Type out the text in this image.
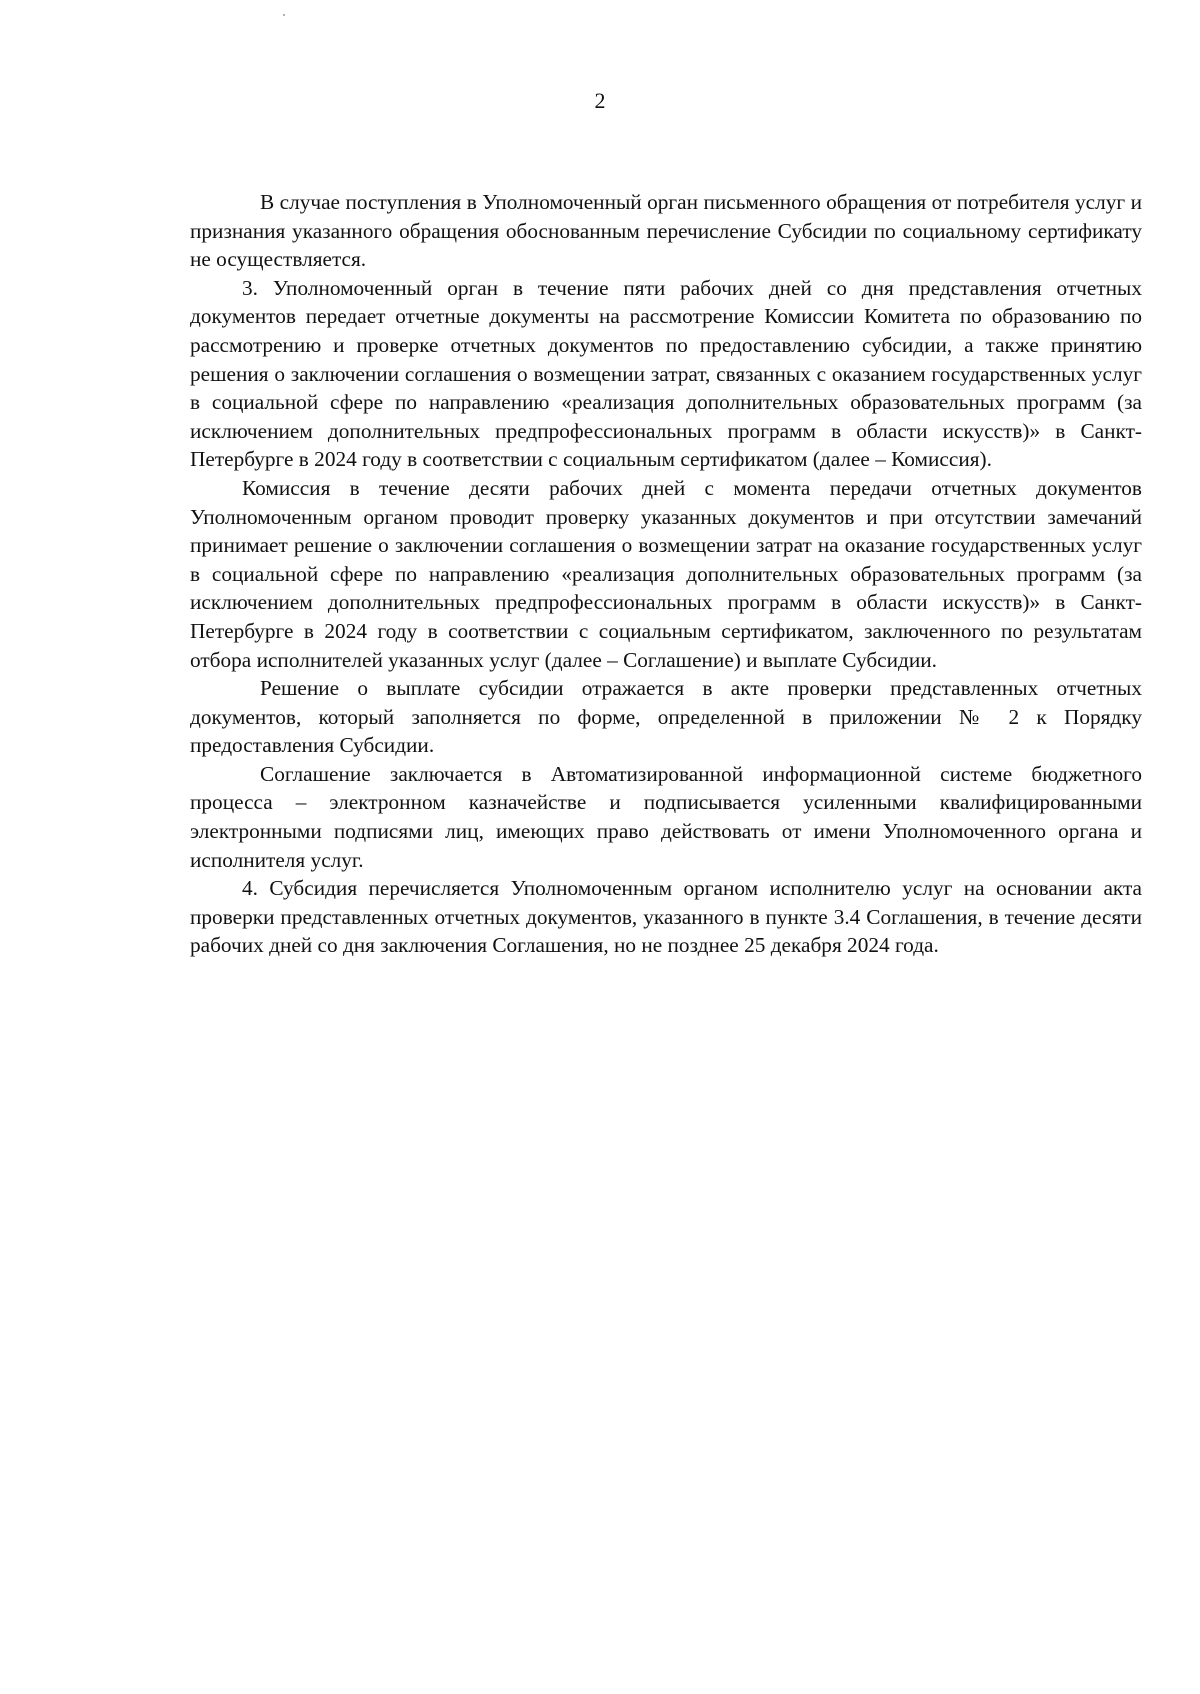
2

В случае поступления в Уполномоченный орган письменного обращения от потребителя услуг и признания указанного обращения обоснованным перечисление Субсидии по социальному сертификату не осуществляется.

3. Уполномоченный орган в течение пяти рабочих дней со дня представления отчетных документов передает отчетные документы на рассмотрение Комиссии Комитета по образованию по рассмотрению и проверке отчетных документов по предоставлению субсидии, а также принятию решения о заключении соглашения о возмещении затрат, связанных с оказанием государственных услуг в социальной сфере по направлению «реализация дополнительных образовательных программ (за исключением дополнительных предпрофессиональных программ в области искусств)» в Санкт-Петербурге в 2024 году в соответствии с социальным сертификатом (далее – Комиссия).

Комиссия в течение десяти рабочих дней с момента передачи отчетных документов Уполномоченным органом проводит проверку указанных документов и при отсутствии замечаний принимает решение о заключении соглашения о возмещении затрат на оказание государственных услуг в социальной сфере по направлению «реализация дополнительных образовательных программ (за исключением дополнительных предпрофессиональных программ в области искусств)» в Санкт-Петербурге в 2024 году в соответствии с социальным сертификатом, заключенного по результатам отбора исполнителей указанных услуг (далее – Соглашение) и выплате Субсидии.

Решение о выплате субсидии отражается в акте проверки представленных отчетных документов, который заполняется по форме, определенной в приложении № 2 к Порядку предоставления Субсидии.

Соглашение заключается в Автоматизированной информационной системе бюджетного процесса – электронном казначействе и подписывается усиленными квалифицированными электронными подписями лиц, имеющих право действовать от имени Уполномоченного органа и исполнителя услуг.

4. Субсидия перечисляется Уполномоченным органом исполнителю услуг на основании акта проверки представленных отчетных документов, указанного в пункте 3.4 Соглашения, в течение десяти рабочих дней со дня заключения Соглашения, но не позднее 25 декабря 2024 года.
